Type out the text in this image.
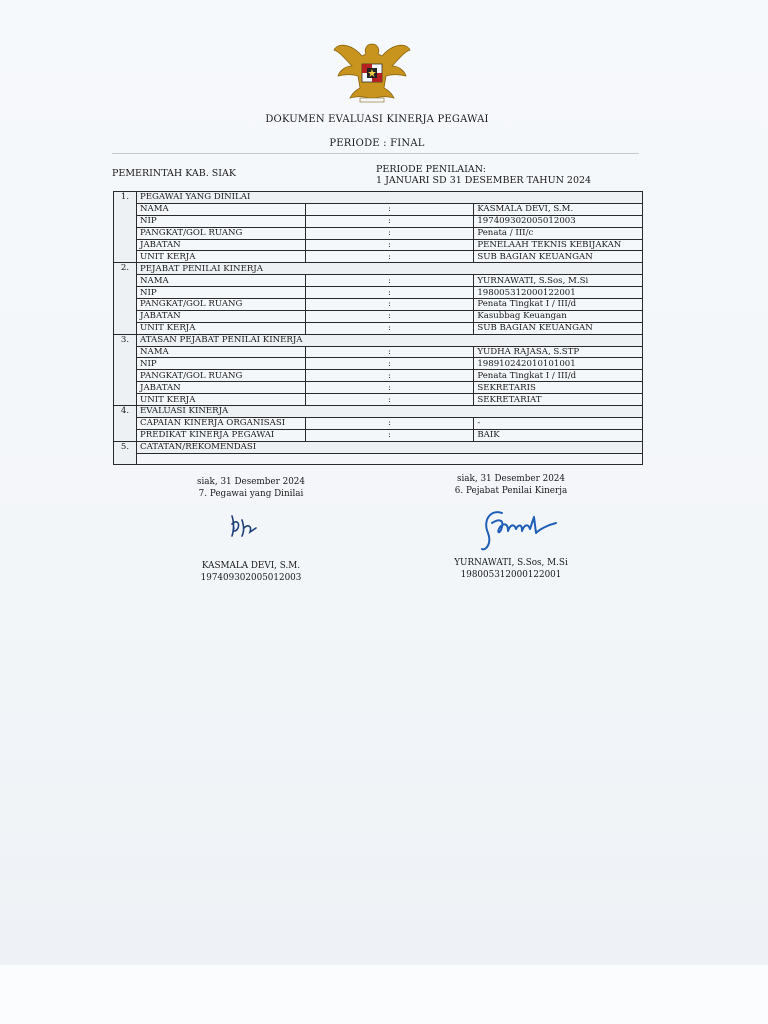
DOKUMEN EVALUASI KINERJA PEGAWAI
PERIODE : FINAL
PEMERINTAH KAB. SIAK	PERIODE PENILAIAN:
1 JANUARI SD 31 DESEMBER TAHUN 2024
1.	PEGAWAI YANG DINILAI		
	NAMA	:	KASMALA DEVI, S.M.
	NIP	:	197409302005012003
	PANGKAT/GOL RUANG	:	Penata / III/c
	JABATAN	:	PENELAAH TEKNIS KEBIJAKAN
	UNIT KERJA	:	SUB BAGIAN KEUANGAN
2.	PEJABAT PENILAI KINERJA		
	NAMA	:	YURNAWATI, S.Sos, M.Si
	NIP	:	198005312000122001
	PANGKAT/GOL RUANG	:	Penata Tingkat I / III/d
	JABATAN	:	Kasubbag Keuangan
	UNIT KERJA	:	SUB BAGIAN KEUANGAN
3.	ATASAN PEJABAT PENILAI KINERJA		
	NAMA	:	YUDHA RAJASA, S.STP
	NIP	:	198910242010101001
	PANGKAT/GOL RUANG	:	Penata Tingkat I / III/d
	JABATAN	:	SEKRETARIS
	UNIT KERJA	:	SEKRETARIAT
4.	EVALUASI KINERJA		
	CAPAIAN KINERJA ORGANISASI	:	-
	PREDIKAT KINERJA PEGAWAI	:	BAIK
5.	CATATAN/REKOMENDASI		

siak, 31 Desember 2024
7. Pegawai yang Dinilai
KASMALA DEVI, S.M.
197409302005012003
siak, 31 Desember 2024
6. Pejabat Penilai Kinerja
YURNAWATI, S.Sos, M.Si
198005312000122001
